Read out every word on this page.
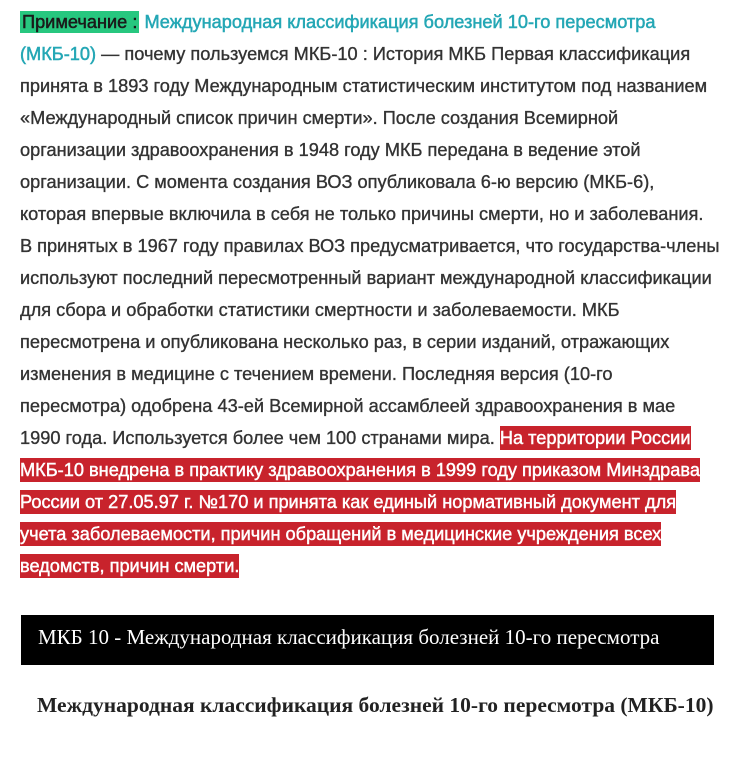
Примечание : Международная классификация болезней 10-го пересмотра (МКБ-10) — почему пользуемся МКБ-10 : История МКБ Первая классификация принята в 1893 году Международным статистическим институтом под названием «Международный список причин смерти». После создания Всемирной организации здравоохранения в 1948 году МКБ передана в ведение этой организации. С момента создания ВОЗ опубликовала 6-ю версию (МКБ-6), которая впервые включила в себя не только причины смерти, но и заболевания. В принятых в 1967 году правилах ВОЗ предусматривается, что государства-члены используют последний пересмотренный вариант международной классификации для сбора и обработки статистики смертности и заболеваемости. МКБ пересмотрена и опубликована несколько раз, в серии изданий, отражающих изменения в медицине с течением времени. Последняя версия (10-го пересмотра) одобрена 43-ей Всемирной ассамблеей здравоохранения в мае 1990 года. Используется более чем 100 странами мира. На территории России МКБ-10 внедрена в практику здравоохранения в 1999 году приказом Минздрава России от 27.05.97 г. №170 и принята как единый нормативный документ для учета заболеваемости, причин обращений в медицинские учреждения всех ведомств, причин смерти.
МКБ 10 - Международная классификация болезней 10-го пересмотра
Международная классификация болезней 10-го пересмотра (МКБ-10)
